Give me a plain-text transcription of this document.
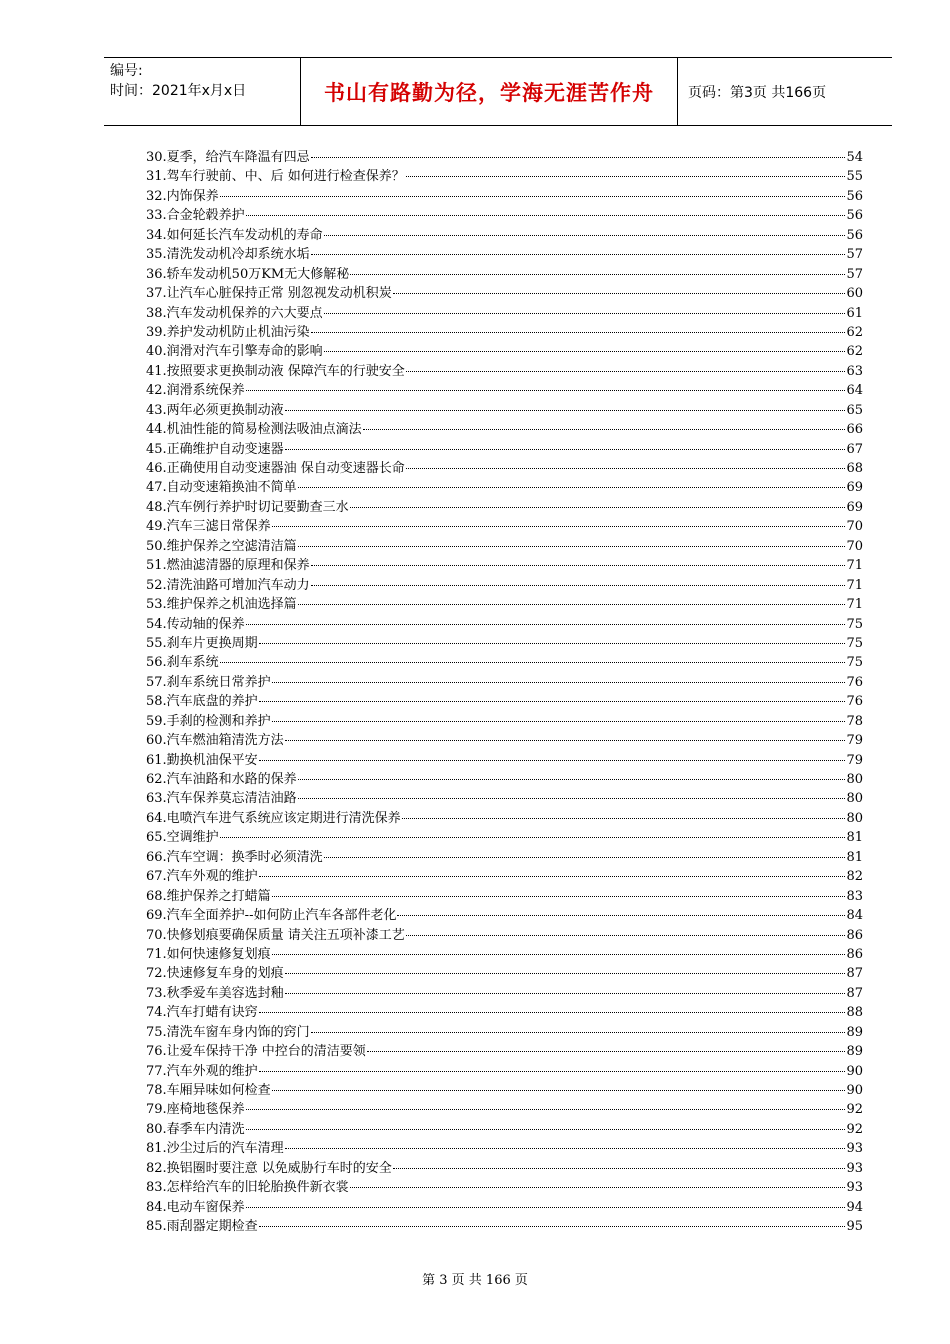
编号:
时间：2021年x月x日	书山有路勤为径，学海无涯苦作舟	页码：第3页 共166页
30.夏季，给汽车降温有四忌	54
31.驾车行驶前、中、后 如何进行检查保养？	55
32.内饰保养	56
33.合金轮毂养护	56
34.如何延长汽车发动机的寿命	56
35.清洗发动机冷却系统水垢	57
36.轿车发动机50万KM无大修解秘	57
37.让汽车心脏保持正常 别忽视发动机积炭	60
38.汽车发动机保养的六大要点	61
39.养护发动机防止机油污染	62
40.润滑对汽车引擎寿命的影响	62
41.按照要求更换制动液 保障汽车的行驶安全	63
42.润滑系统保养	64
43.两年必须更换制动液	65
44.机油性能的简易检测法吸油点滴法	66
45.正确维护自动变速器	67
46.正确使用自动变速器油 保自动变速器长命	68
47.自动变速箱换油不简单	69
48.汽车例行养护时切记要勤查三水	69
49.汽车三滤日常保养	70
50.维护保养之空滤清洁篇	70
51.燃油滤清器的原理和保养	71
52.清洗油路可增加汽车动力	71
53.维护保养之机油选择篇	71
54.传动轴的保养	75
55.刹车片更换周期	75
56.刹车系统	75
57.刹车系统日常养护	76
58.汽车底盘的养护	76
59.手刹的检测和养护	78
60.汽车燃油箱清洗方法	79
61.勤换机油保平安	79
62.汽车油路和水路的保养	80
63.汽车保养莫忘清洁油路	80
64.电喷汽车进气系统应该定期进行清洗保养	80
65.空调维护	81
66.汽车空调：换季时必须清洗	81
67.汽车外观的维护	82
68.维护保养之打蜡篇	83
69.汽车全面养护--如何防止汽车各部件老化	84
70.快修划痕要确保质量 请关注五项补漆工艺	86
71.如何快速修复划痕	86
72.快速修复车身的划痕	87
73.秋季爱车美容选封釉	87
74.汽车打蜡有诀窍	88
75.清洗车窗车身内饰的窍门	89
76.让爱车保持干净 中控台的清洁要领	89
77.汽车外观的维护	90
78.车厢异味如何检查	90
79.座椅地毯保养	92
80.春季车内清洗	92
81.沙尘过后的汽车清理	93
82.换铝圈时要注意 以免威胁行车时的安全	93
83.怎样给汽车的旧轮胎换件新衣裳	93
84.电动车窗保养	94
85.雨刮器定期检查	95
第 3 页 共 166 页
